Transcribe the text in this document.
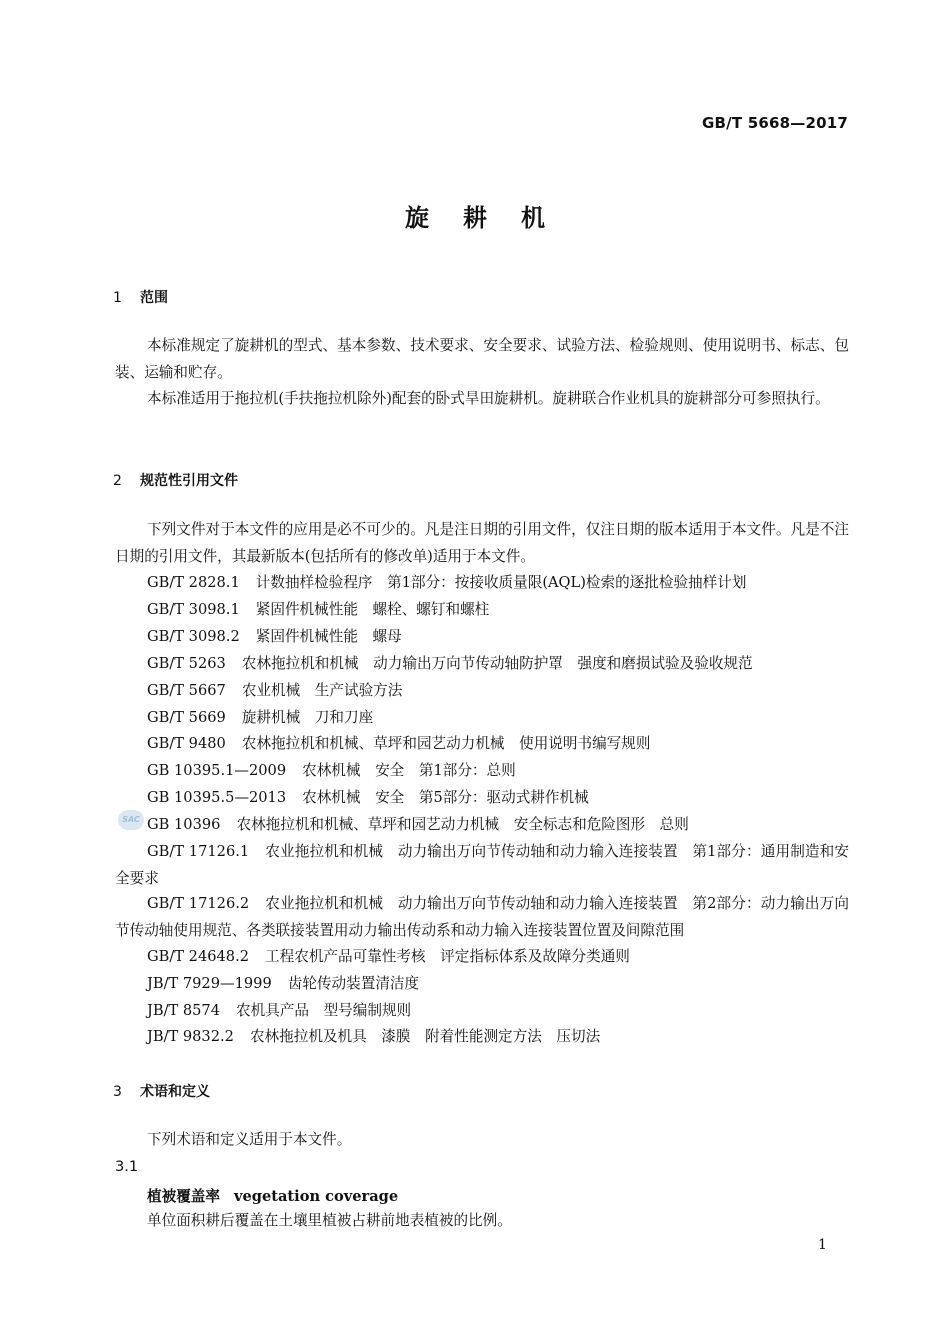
GB/T 5668—2017
旋耕机
1 范围
本标准规定了旋耕机的型式、基本参数、技术要求、安全要求、试验方法、检验规则、使用说明书、标志、包装、运输和贮存。
本标准适用于拖拉机(手扶拖拉机除外)配套的卧式旱田旋耕机。旋耕联合作业机具的旋耕部分可参照执行。
2 规范性引用文件
下列文件对于本文件的应用是必不可少的。凡是注日期的引用文件，仅注日期的版本适用于本文件。凡是不注日期的引用文件，其最新版本(包括所有的修改单)适用于本文件。
GB/T 2828.1 计数抽样检验程序　第1部分：按接收质量限(AQL)检索的逐批检验抽样计划
GB/T 3098.1 紧固件机械性能　螺栓、螺钉和螺柱
GB/T 3098.2 紧固件机械性能　螺母
GB/T 5263 农林拖拉机和机械　动力输出万向节传动轴防护罩　强度和磨损试验及验收规范
GB/T 5667 农业机械　生产试验方法
GB/T 5669 旋耕机械　刀和刀座
GB/T 9480 农林拖拉机和机械、草坪和园艺动力机械　使用说明书编写规则
GB 10395.1—2009 农林机械　安全　第1部分：总则
GB 10395.5—2013 农林机械　安全　第5部分：驱动式耕作机械
SAC GB 10396 农林拖拉机和机械、草坪和园艺动力机械　安全标志和危险图形　总则
GB/T 17126.1 农业拖拉机和机械　动力输出万向节传动轴和动力输入连接装置　第1部分：通用制造和安全要求
GB/T 17126.2 农业拖拉机和机械　动力输出万向节传动轴和动力输入连接装置　第2部分：动力输出万向节传动轴使用规范、各类联接装置用动力输出传动系和动力输入连接装置位置及间隙范围
GB/T 24648.2 工程农机产品可靠性考核　评定指标体系及故障分类通则
JB/T 7929—1999 齿轮传动装置清洁度
JB/T 8574 农机具产品　型号编制规则
JB/T 9832.2 农林拖拉机及机具　漆膜　附着性能测定方法　压切法
3 术语和定义
下列术语和定义适用于本文件。
3.1
植被覆盖率 vegetation coverage
单位面积耕后覆盖在土壤里植被占耕前地表植被的比例。
1
